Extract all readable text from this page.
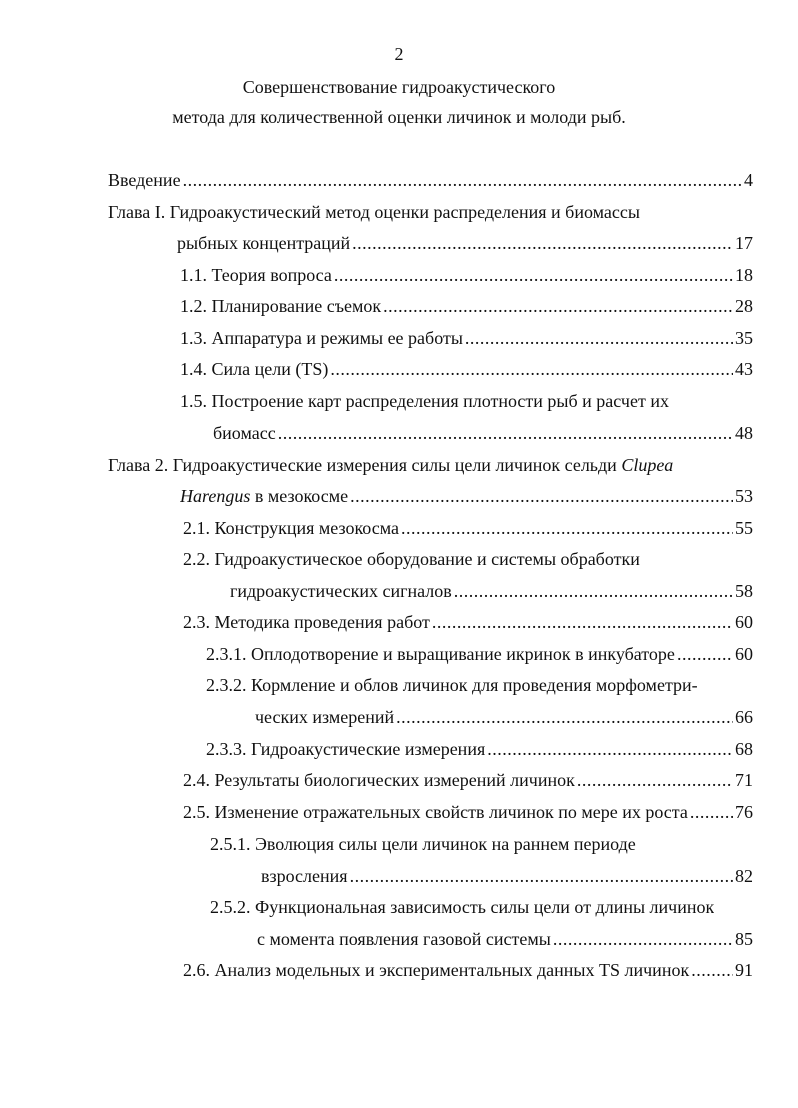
2
Совершенствование гидроакустического
метода для количественной оценки личинок и молоди рыб.
Введение . . .	4
Глава I. Гидроакустический метод оценки распределения и биомассы
рыбных концентраций . . .	17
1.1. Теория вопроса . . .	18
1.2. Планирование съемок . . .	28
1.3. Аппаратура и режимы ее работы . . .	35
1.4. Сила цели (TS) . . .	43
1.5. Построение карт распределения плотности рыб и расчет их
биомасс . . .	48
Глава 2. Гидроакустические измерения силы цели личинок сельди Clupea
Harengus в мезокосме . . .	53
2.1. Конструкция мезокосма . . .	55
2.2. Гидроакустическое оборудование и системы обработки
гидроакустических сигналов . . .	58
2.3. Методика проведения работ . . .	60
2.3.1. Оплодотворение и выращивание икринок в инкубаторе . . .	60
2.3.2. Кормление и облов личинок для проведения морфометри-
ческих измерений . . .	66
2.3.3. Гидроакустические измерения . . .	68
2.4. Результаты биологических измерений личинок . . .	71
2.5. Изменение отражательных свойств личинок по мере их роста . . .	76
2.5.1. Эволюция силы цели личинок на раннем периоде
взросления . . .	82
2.5.2. Функциональная зависимость силы цели от длины личинок
с момента появления газовой системы . . .	85
2.6. Анализ модельных и экспериментальных данных TS личинок . . .	91
